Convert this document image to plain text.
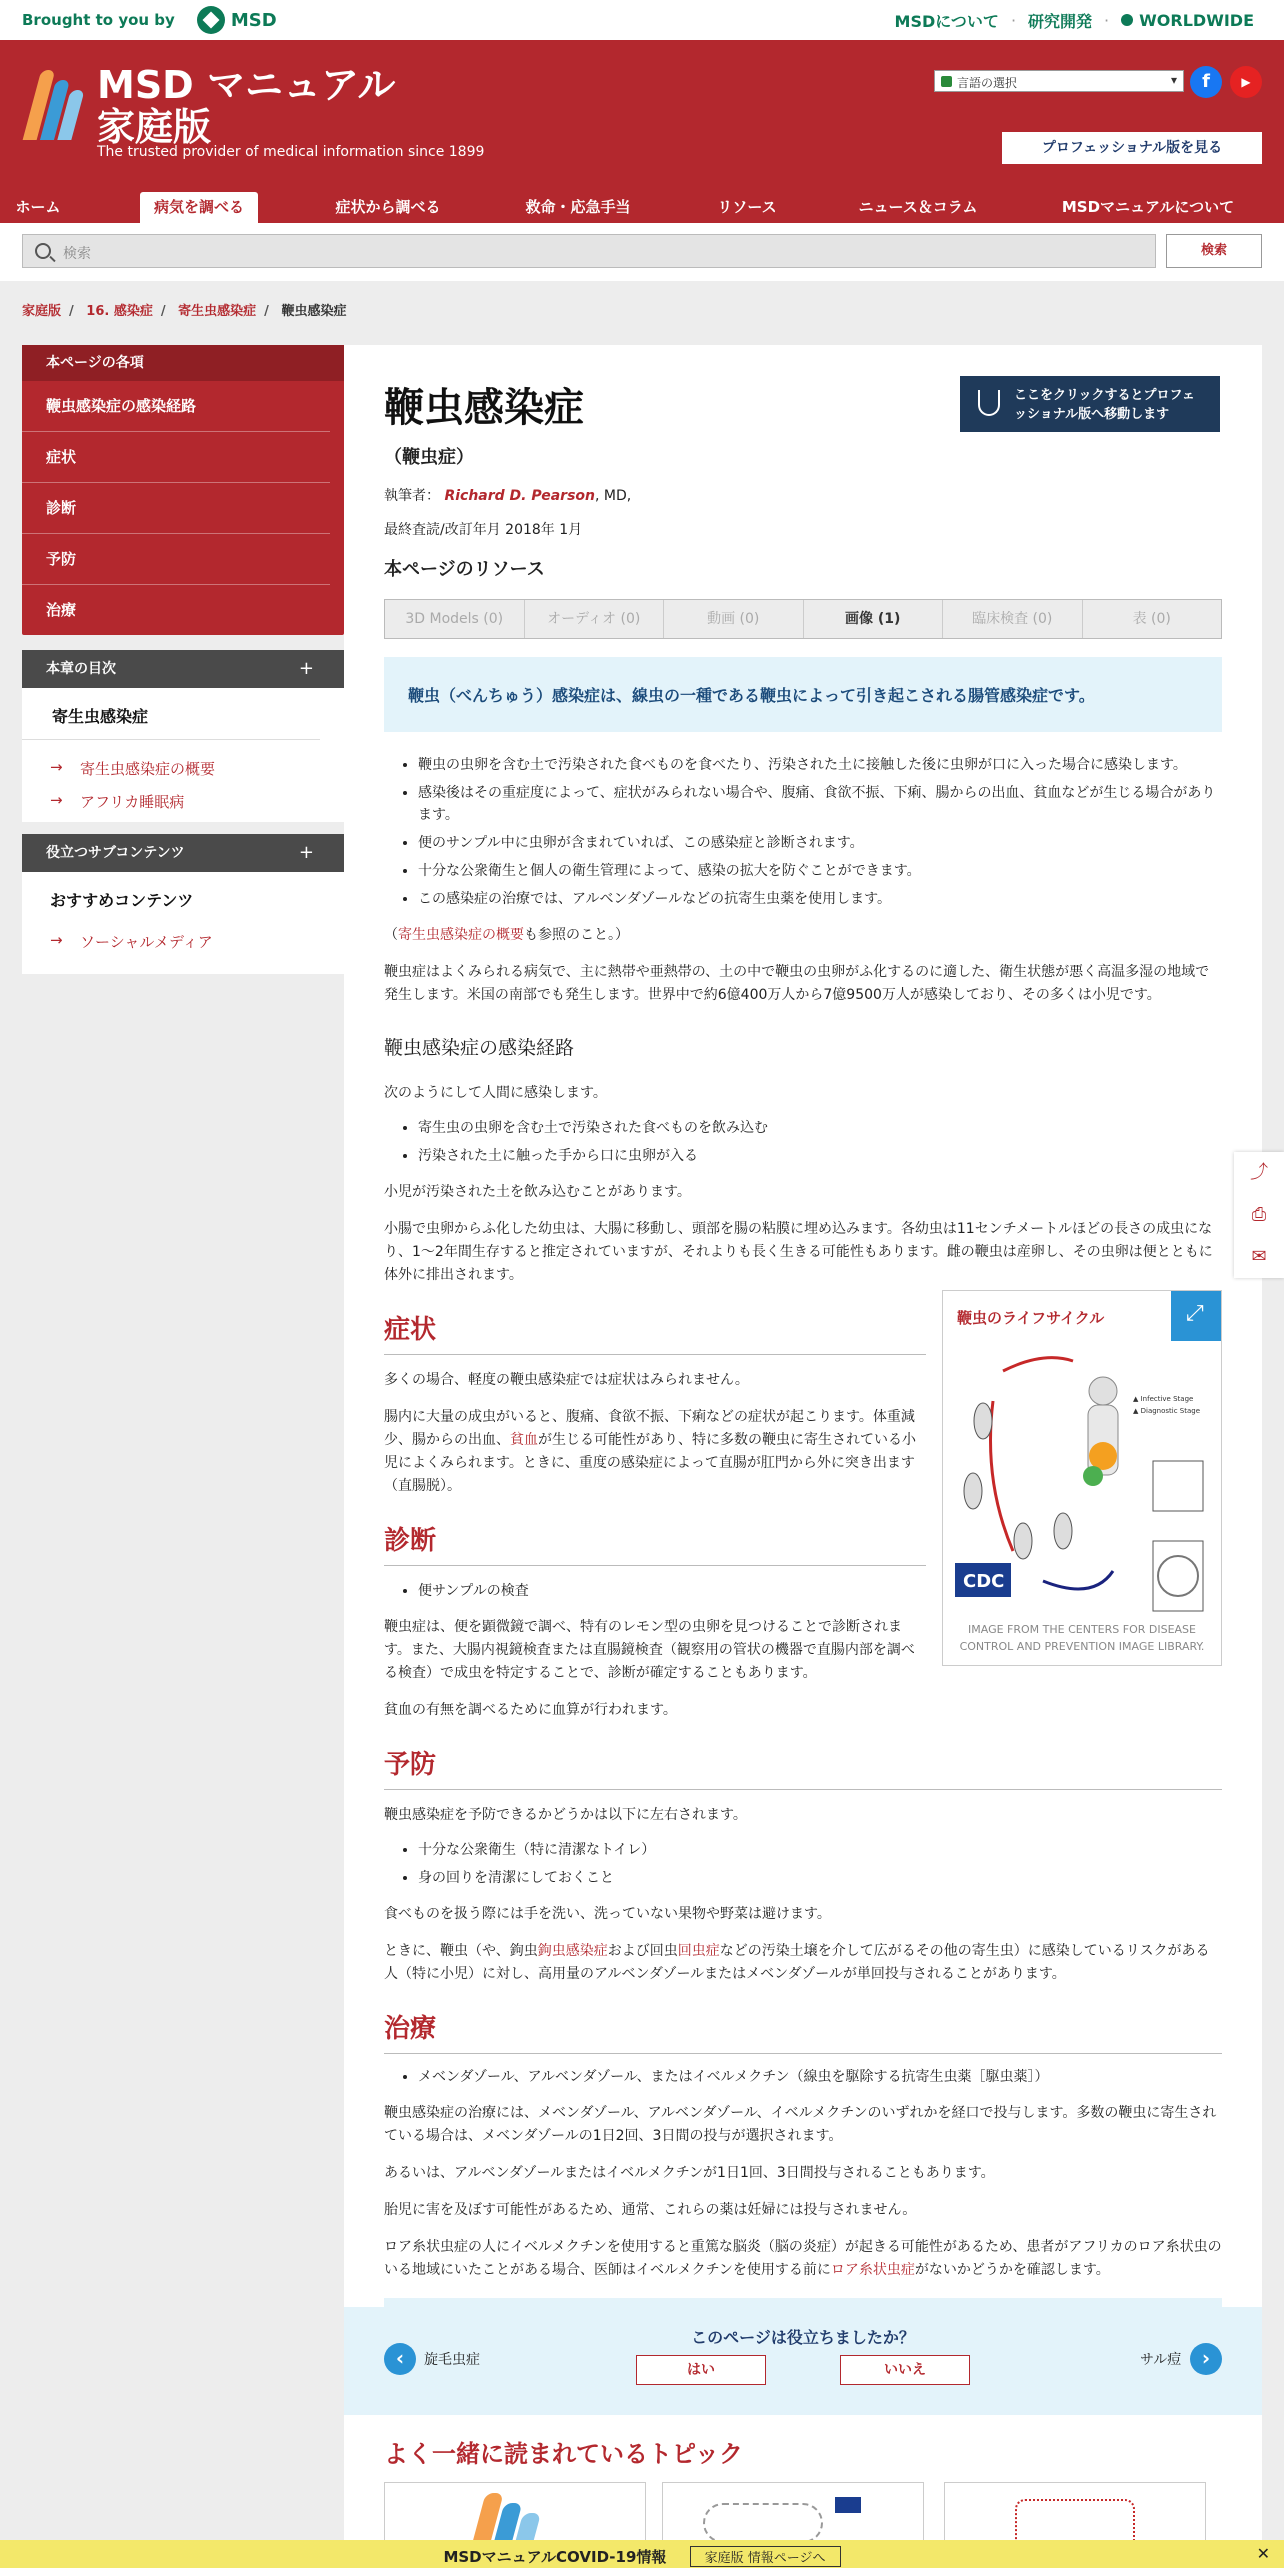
Brought to you by	MSD	MSDについて · 研究開発 ·	WORLDWIDE
MSD マニュアル
家庭版
The trusted provider of medical information since 1899
言語の選択 ▾	f	▶
プロフェッショナル版を見る
ホーム	病気を調べる	症状から調べる	救命・応急手当	リソース	ニュース＆コラム	MSDマニュアルについて
検索	検索
家庭版 / 16. 感染症 / 寄生虫感染症 / 鞭虫感染症
本ページの各項
鞭虫感染症の感染経路
症状
診断
予防
治療
本章の目次 +
寄生虫感染症
→ 寄生虫感染症の概要
→ アフリカ睡眠病
役立つサブコンテンツ +
おすすめコンテンツ
→ ソーシャルメディア
ここをクリックするとプロフェッショナル版へ移動します
鞭虫感染症
（鞭虫症）
執筆者： Richard D. Pearson, MD,
最終査読/改訂年月 2018年 1月
本ページのリソース
3D Models (0)	オーディオ (0)	動画 (0)	画像 (1)	臨床検査 (0)	表 (0)
鞭虫（べんちゅう）感染症は、線虫の一種である鞭虫によって引き起こされる腸管感染症です。
• 鞭虫の虫卵を含む土で汚染された食べものを食べたり、汚染された土に接触した後に虫卵が口に入った場合に感染します。
• 感染後はその重症度によって、症状がみられない場合や、腹痛、食欲不振、下痢、腸からの出血、貧血などが生じる場合があります。
• 便のサンプル中に虫卵が含まれていれば、この感染症と診断されます。
• 十分な公衆衛生と個人の衛生管理によって、感染の拡大を防ぐことができます。
• この感染症の治療では、アルベンダゾールなどの抗寄生虫薬を使用します。

（寄生虫感染症の概要も参照のこと。）

鞭虫症はよくみられる病気で、主に熱帯や亜熱帯の、土の中で鞭虫の虫卵がふ化するのに適した、衛生状態が悪く高温多湿の地域で発生します。米国の南部でも発生します。世界中で約6億400万人から7億9500万人が感染しており、その多くは小児です。

鞭虫感染症の感染経路

次のようにして人間に感染します。

• 寄生虫の虫卵を含む土で汚染された食べものを飲み込む
• 汚染された土に触った手から口に虫卵が入る

小児が汚染された土を飲み込むことがあります。

小腸で虫卵からふ化した幼虫は、大腸に移動し、頭部を腸の粘膜に埋め込みます。各幼虫は11センチメートルほどの長さの成虫になり、1～2年間生存すると推定されていますが、それよりも長く生きる可能性もあります。雌の鞭虫は産卵し、その虫卵は便とともに体外に排出されます。

症状

多くの場合、軽度の鞭虫感染症では症状はみられません。

腸内に大量の成虫がいると、腹痛、食欲不振、下痢などの症状が起こります。体重減少、腸からの出血、貧血が生じる可能性があり、特に多数の鞭虫に寄生されている小児によくみられます。ときに、重度の感染症によって直腸が肛門から外に突き出ます（直腸脱）。

診断
• 便サンプルの検査

鞭虫症は、便を顕微鏡で調べ、特有のレモン型の虫卵を見つけることで診断されます。また、大腸内視鏡検査または直腸鏡検査（観察用の管状の機器で直腸内部を調べる検査）で成虫を特定することで、診断が確定することもあります。

貧血の有無を調べるために血算が行われます。

予防

鞭虫感染症を予防できるかどうかは以下に左右されます。

• 十分な公衆衛生（特に清潔なトイレ）
• 身の回りを清潔にしておくこと

食べものを扱う際には手を洗い、洗っていない果物や野菜は避けます。

ときに、鞭虫（や、鉤虫鉤虫感染症および回虫回虫症などの汚染土壌を介して広がるその他の寄生虫）に感染しているリスクがある人（特に小児）に対し、高用量のアルベンダゾールまたはメベンダゾールが単回投与されることがあります。

治療
• メベンダゾール、アルベンダゾール、またはイベルメクチン（線虫を駆除する抗寄生虫薬［駆虫薬］）

鞭虫感染症の治療には、メベンダゾール、アルベンダゾール、イベルメクチンのいずれかを経口で投与します。多数の鞭虫に寄生されている場合は、メベンダゾールの1日2回、3日間の投与が選択されます。

あるいは、アルベンダゾールまたはイベルメクチンが1日1回、3日間投与されることもあります。

胎児に害を及ぼす可能性があるため、通常、これらの薬は妊婦には投与されません。

ロア糸状虫症の人にイベルメクチンを使用すると重篤な脳炎（脳の炎症）が起きる可能性があるため、患者がアフリカのロア糸状虫のいる地域にいたことがある場合、医師はイベルメクチンを使用する前にロア糸状虫症がないかどうかを確認します。

鞭虫のライフサイクル
⤢
▲ Infective Stage
▲ Diagnostic Stage
CDC
IMAGE FROM THE CENTERS FOR DISEASE CONTROL AND PREVENTION IMAGE LIBRARY.
⤴
⎙
✉
このページは役立ちましたか？
はい	いいえ
‹	旋毛虫症	サル痘	›
よく一緒に読まれているトピック
MSDマニュアルCOVID-19情報	家庭版 情報ページへ	✕
